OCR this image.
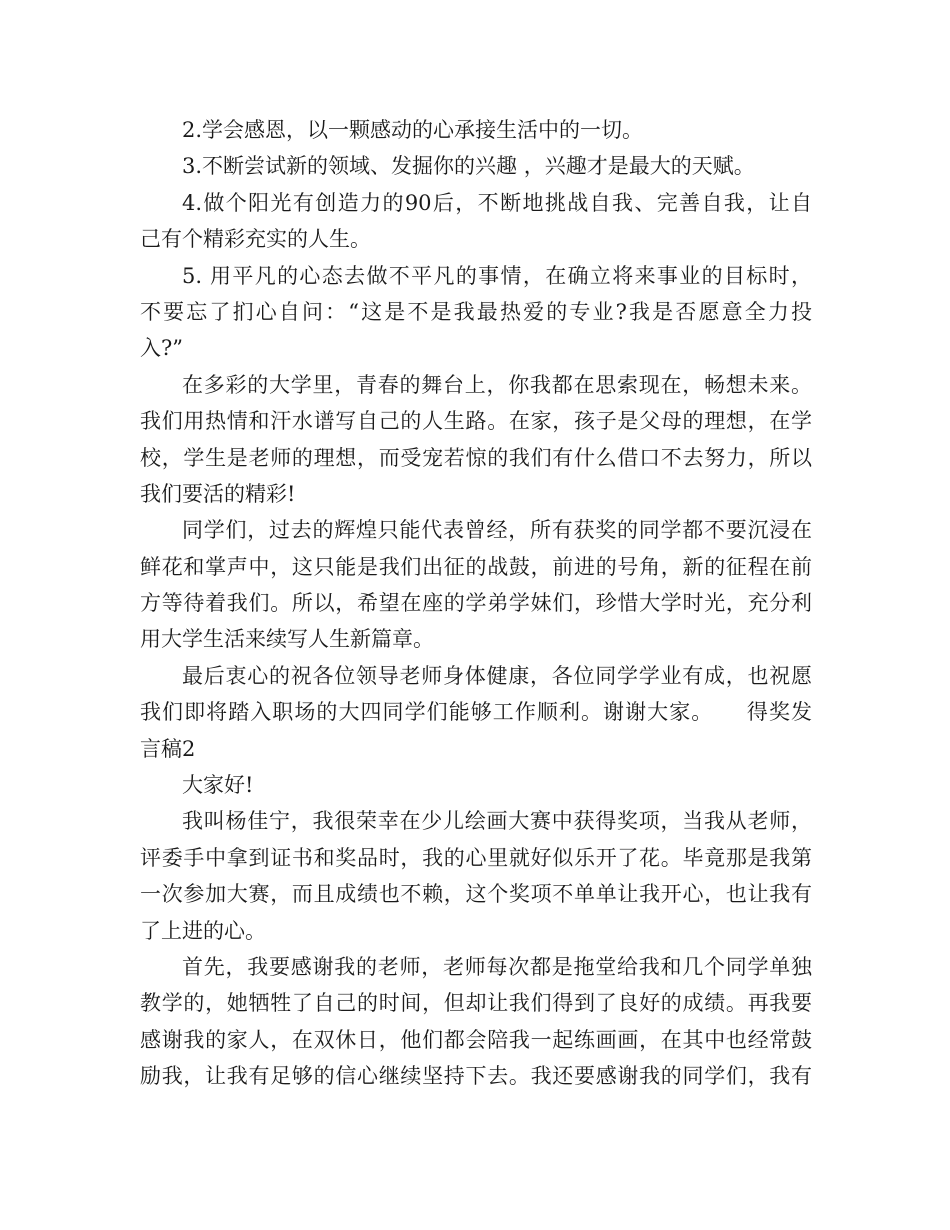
2.学会感恩，以一颗感动的心承接生活中的一切。
3.不断尝试新的领域、发掘你的兴趣 ，兴趣才是最大的天赋。
4.做个阳光有创造力的90后，不断地挑战自我、完善自我，让自
己有个精彩充实的人生。
5. 用平凡的心态去做不平凡的事情，在确立将来事业的目标时，
不要忘了扪心自问：“这是不是我最热爱的专业?我是否愿意全力投
入?”
在多彩的大学里，青春的舞台上，你我都在思索现在，畅想未来。
我们用热情和汗水谱写自己的人生路。在家，孩子是父母的理想，在学
校，学生是老师的理想，而受宠若惊的我们有什么借口不去努力，所以
我们要活的精彩!
同学们，过去的辉煌只能代表曾经，所有获奖的同学都不要沉浸在
鲜花和掌声中，这只能是我们出征的战鼓，前进的号角，新的征程在前
方等待着我们。所以，希望在座的学弟学妹们，珍惜大学时光，充分利
用大学生活来续写人生新篇章。
最后衷心的祝各位领导老师身体健康，各位同学学业有成，也祝愿
我们即将踏入职场的大四同学们能够工作顺利。谢谢大家。　　得奖发
言稿2
大家好!
我叫杨佳宁，我很荣幸在少儿绘画大赛中获得奖项，当我从老师，
评委手中拿到证书和奖品时，我的心里就好似乐开了花。毕竟那是我第
一次参加大赛，而且成绩也不赖，这个奖项不单单让我开心，也让我有
了上进的心。
首先，我要感谢我的老师，老师每次都是拖堂给我和几个同学单独
教学的，她牺牲了自己的时间，但却让我们得到了良好的成绩。再我要
感谢我的家人，在双休日，他们都会陪我一起练画画，在其中也经常鼓
励我，让我有足够的信心继续坚持下去。我还要感谢我的同学们，我有
